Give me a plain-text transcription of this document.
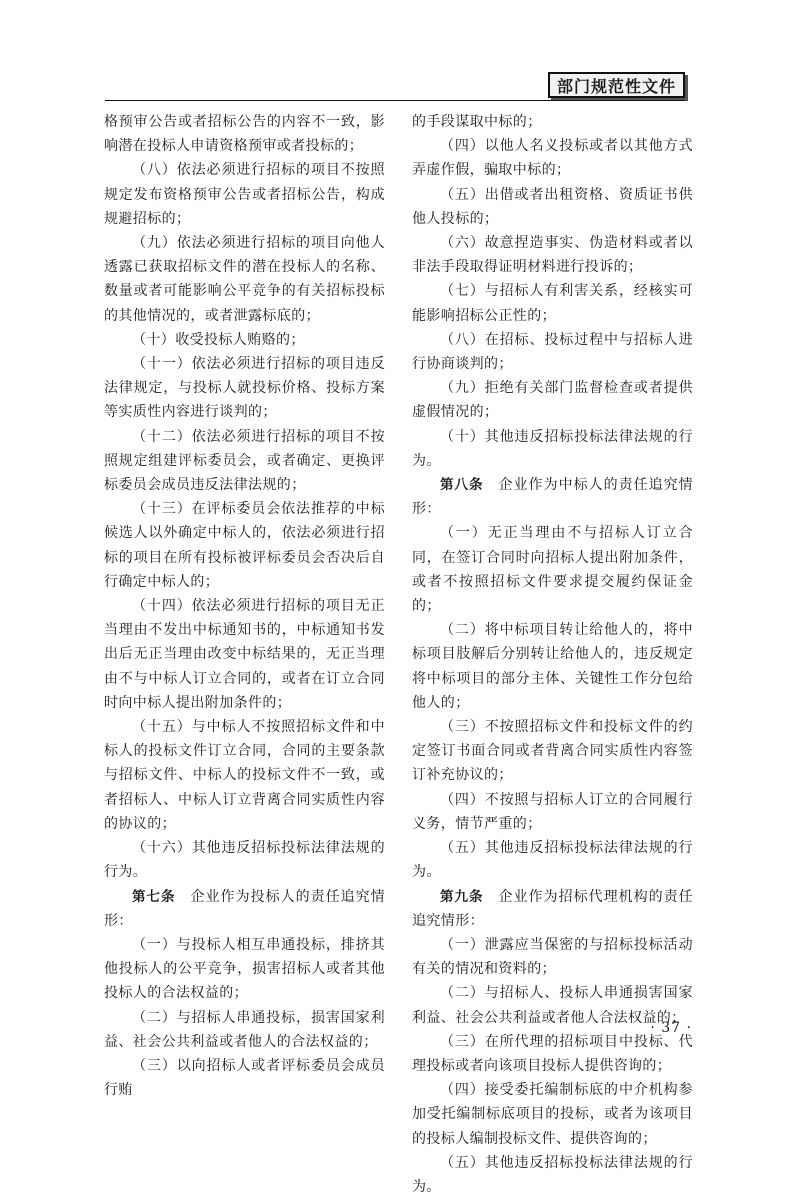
部门规范性文件

格预审公告或者招标公告的内容不一致，影响潜在投标人申请资格预审或者投标的；

（八）依法必须进行招标的项目不按照规定发布资格预审公告或者招标公告，构成规避招标的；

（九）依法必须进行招标的项目向他人透露已获取招标文件的潜在投标人的名称、数量或者可能影响公平竞争的有关招标投标的其他情况的，或者泄露标底的；

（十）收受投标人贿赂的；

（十一）依法必须进行招标的项目违反法律规定，与投标人就投标价格、投标方案等实质性内容进行谈判的；

（十二）依法必须进行招标的项目不按照规定组建评标委员会，或者确定、更换评标委员会成员违反法律法规的；

（十三）在评标委员会依法推荐的中标候选人以外确定中标人的，依法必须进行招标的项目在所有投标被评标委员会否决后自行确定中标人的；

（十四）依法必须进行招标的项目无正当理由不发出中标通知书的，中标通知书发出后无正当理由改变中标结果的，无正当理由不与中标人订立合同的，或者在订立合同时向中标人提出附加条件的；

（十五）与中标人不按照招标文件和中标人的投标文件订立合同，合同的主要条款与招标文件、中标人的投标文件不一致，或者招标人、中标人订立背离合同实质性内容的协议的；

（十六）其他违反招标投标法律法规的行为。

第七条　 企业作为投标人的责任追究情形：

（一）与投标人相互串通投标，排挤其他投标人的公平竞争，损害招标人或者其他投标人的合法权益的；

（二）与招标人串通投标，损害国家利益、社会公共利益或者他人的合法权益的；

（三）以向招标人或者评标委员会成员行贿

的手段谋取中标的；

（四）以他人名义投标或者以其他方式弄虚作假，骗取中标的；

（五）出借或者出租资格、资质证书供他人投标的；

（六）故意捏造事实、伪造材料或者以非法手段取得证明材料进行投诉的；

（七）与招标人有利害关系，经核实可能影响招标公正性的；

（八）在招标、投标过程中与招标人进行协商谈判的；

（九）拒绝有关部门监督检查或者提供虚假情况的；

（十）其他违反招标投标法律法规的行为。

第八条　 企业作为中标人的责任追究情形：

（一）无正当理由不与招标人订立合同，在签订合同时向招标人提出附加条件，或者不按照招标文件要求提交履约保证金的；

（二）将中标项目转让给他人的，将中标项目肢解后分别转让给他人的，违反规定将中标项目的部分主体、关键性工作分包给他人的；

（三）不按照招标文件和投标文件的约定签订书面合同或者背离合同实质性内容签订补充协议的；

（四）不按照与招标人订立的合同履行义务，情节严重的；

（五）其他违反招标投标法律法规的行为。

第九条　 企业作为招标代理机构的责任追究情形：

（一）泄露应当保密的与招标投标活动有关的情况和资料的；

（二）与招标人、投标人串通损害国家利益、社会公共利益或者他人合法权益的；

（三）在所代理的招标项目中投标、代理投标或者向该项目投标人提供咨询的；

（四）接受委托编制标底的中介机构参加受托编制标底项目的投标，或者为该项目的投标人编制投标文件、提供咨询的；

（五）其他违反招标投标法律法规的行为。

· 37 ·
